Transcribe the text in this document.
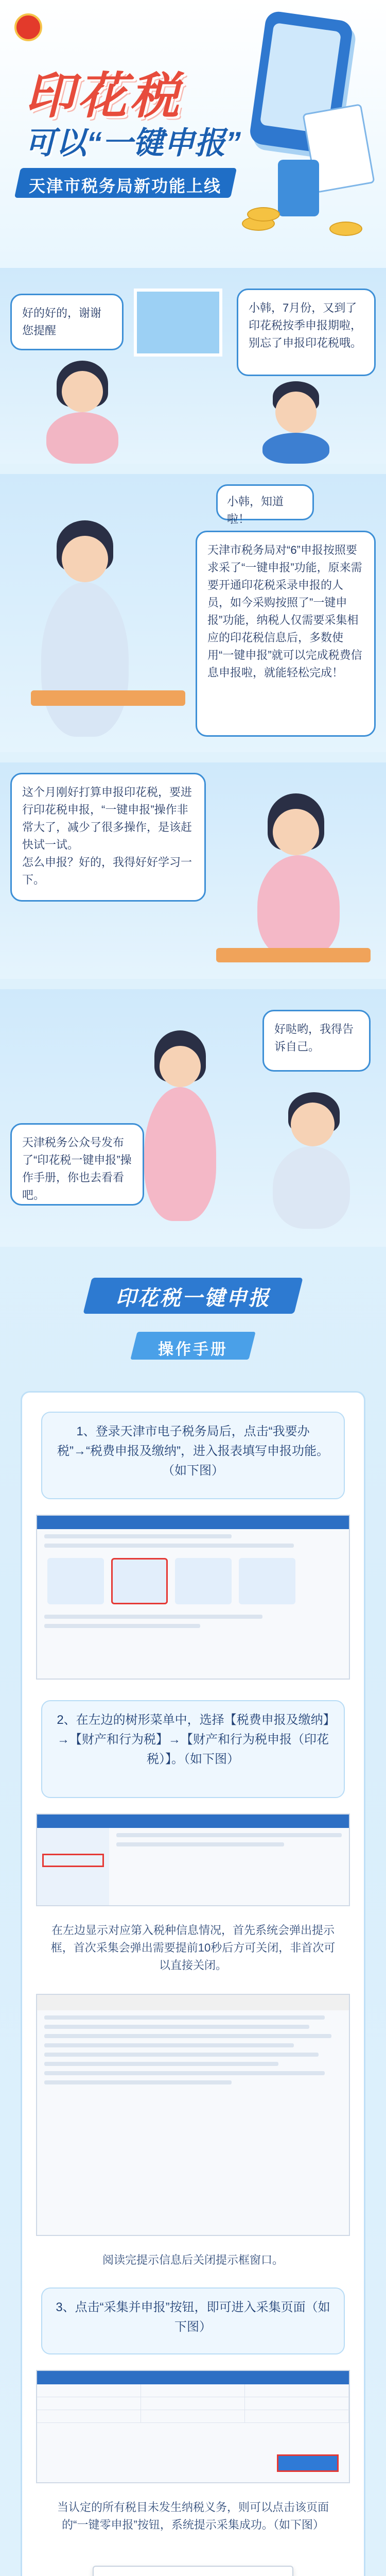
印花税
可以“一键申报”
天津市税务局新功能上线
好的好的，谢谢您提醒
小韩，7月份，又到了印花税按季申报期啦，别忘了申报印花税哦。
小韩，知道啦！
天津市税务局对“6”申报按照要求采了“一键申报”功能，原来需要开通印花税采录申报的人员，如今采购按照了”一键申报”功能，纳税人仅需要采集相应的印花税信息后，多数使用“一键申报”就可以完成税费信息申报啦，就能轻松完成！
这个月刚好打算申报印花税，要进行印花税申报，“一键申报”操作非常大了，减少了很多操作，是该赶快试一试。
怎么申报？好的，我得好好学习一下。
好哒哟，我得告诉自己。
天津税务公众号发布了“印花税一键申报”操作手册，你也去看看吧。
印花税一键申报
操作手册
1、登录天津市电子税务局后，点击“我要办税”→“税费申报及缴纳”，进入报表填写申报功能。（如下图）
2、在左边的树形菜单中，选择【税费申报及缴纳】→【财产和行为税】→【财产和行为税申报（印花税）】。（如下图）
在左边显示对应第入税种信息情况，首先系统会弹出提示框，首次采集会弹出需要提前10秒后方可关闭，非首次可以直接关闭。
阅读完提示信息后关闭提示框窗口。
3、点击“采集并申报”按钮，即可进入采集页面（如下图）
当认定的所有税目未发生纳税义务，则可以点击该页面的“一键零申报”按钮，系统提示采集成功。（如下图）
